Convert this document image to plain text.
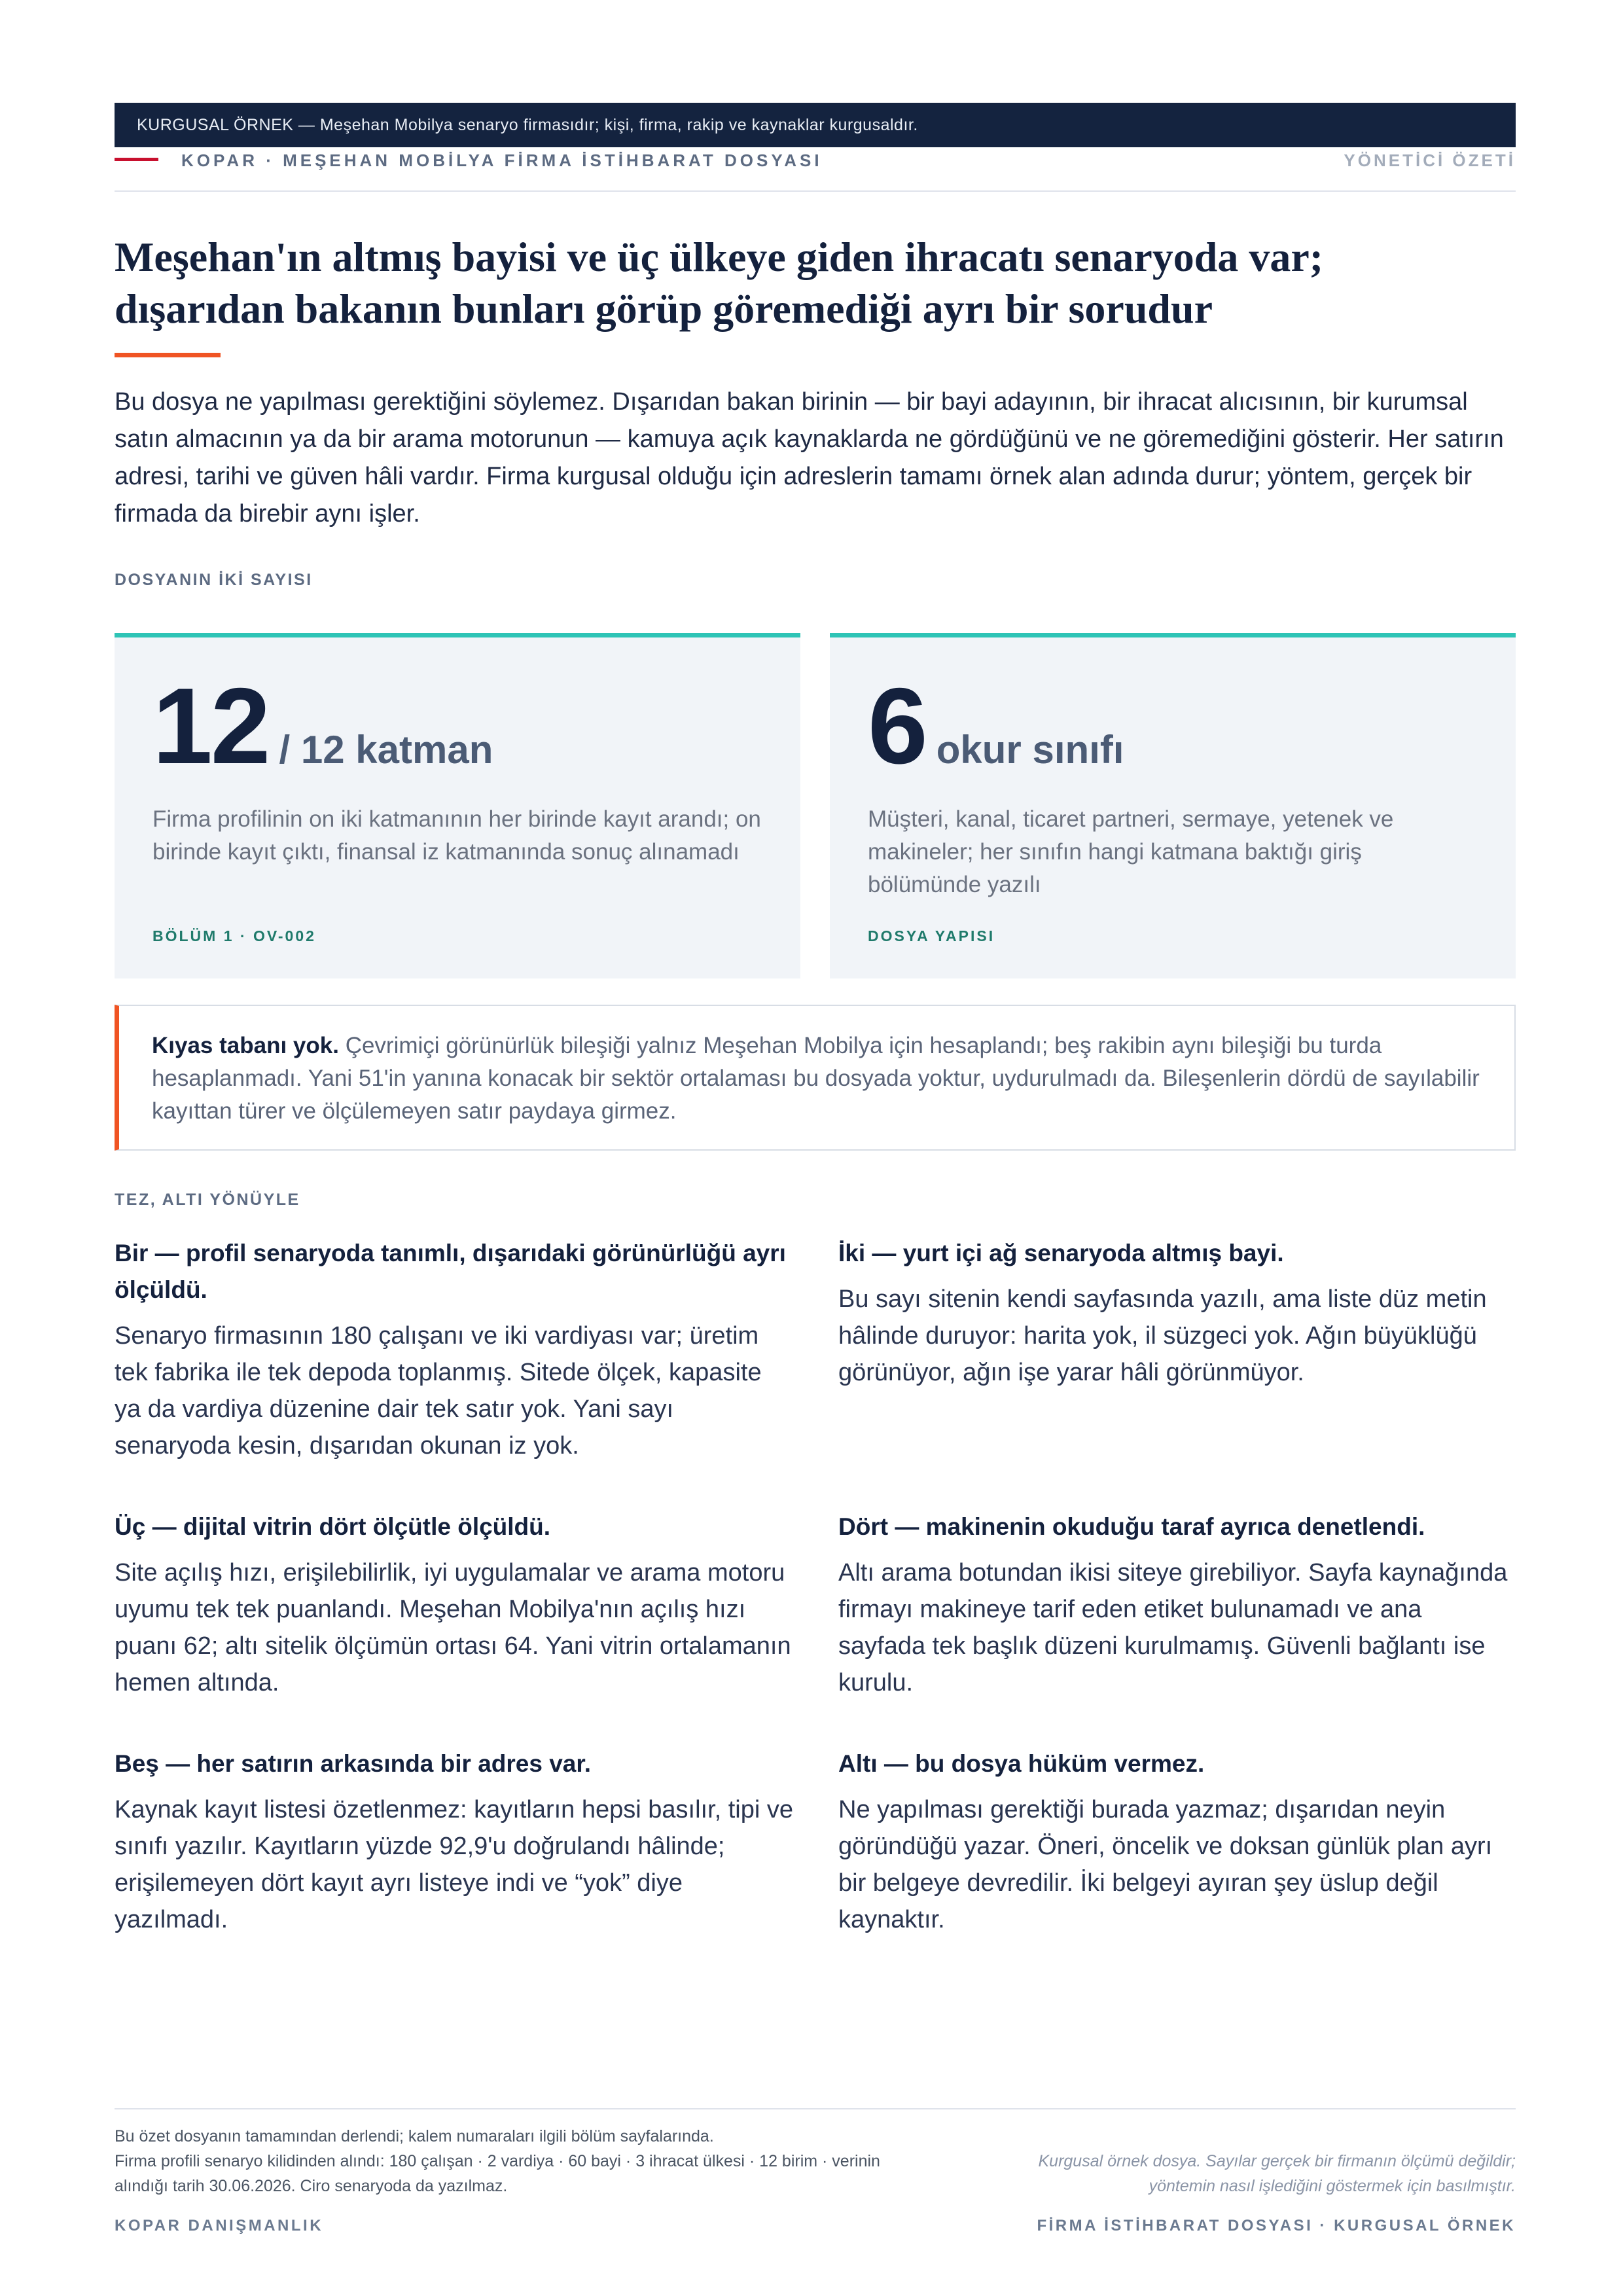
KURGUSAL ÖRNEK — Meşehan Mobilya senaryo firmasıdır; kişi, firma, rakip ve kaynaklar kurgusaldır.
KOPAR · MEŞEHAN MOBİLYA FİRMA İSTİHBARAT DOSYASI	YÖNETİCİ ÖZETİ
Meşehan'ın altmış bayisi ve üç ülkeye giden ihracatı senaryoda var;
dışarıdan bakanın bunları görüp göremediği ayrı bir sorudur

Bu dosya ne yapılması gerektiğini söylemez. Dışarıdan bakan birinin — bir bayi adayının, bir ihracat alıcısının, bir kurumsal satın almacının ya da bir arama motorunun — kamuya açık kaynaklarda ne gördüğünü ve ne göremediğini gösterir. Her satırın adresi, tarihi ve güven hâli vardır. Firma kurgusal olduğu için adreslerin tamamı örnek alan adında durur; yöntem, gerçek bir firmada da birebir aynı işler.

DOSYANIN İKİ SAYISI
12 / 12 katman
Firma profilinin on iki katmanının her birinde kayıt arandı; on birinde kayıt çıktı, finansal iz katmanında sonuç alınamadı
BÖLÜM 1 · OV-002
6 okur sınıfı
Müşteri, kanal, ticaret partneri, sermaye, yetenek ve makineler; her sınıfın hangi katmana baktığı giriş bölümünde yazılı
DOSYA YAPISI
Kıyas tabanı yok. Çevrimiçi görünürlük bileşiği yalnız Meşehan Mobilya için hesaplandı; beş rakibin aynı bileşiği bu turda hesaplanmadı. Yani 51'in yanına konacak bir sektör ortalaması bu dosyada yoktur, uydurulmadı da. Bileşenlerin dördü de sayılabilir kayıttan türer ve ölçülemeyen satır paydaya girmez.
TEZ, ALTI YÖNÜYLE
Bir — profil senaryoda tanımlı, dışarıdaki görünürlüğü ayrı ölçüldü.
Senaryo firmasının 180 çalışanı ve iki vardiyası var; üretim tek fabrika ile tek depoda toplanmış. Sitede ölçek, kapasite ya da vardiya düzenine dair tek satır yok. Yani sayı senaryoda kesin, dışarıdan okunan iz yok.
İki — yurt içi ağ senaryoda altmış bayi.
Bu sayı sitenin kendi sayfasında yazılı, ama liste düz metin hâlinde duruyor: harita yok, il süzgeci yok. Ağın büyüklüğü görünüyor, ağın işe yarar hâli görünmüyor.
Üç — dijital vitrin dört ölçütle ölçüldü.
Site açılış hızı, erişilebilirlik, iyi uygulamalar ve arama motoru uyumu tek tek puanlandı. Meşehan Mobilya'nın açılış hızı puanı 62; altı sitelik ölçümün ortası 64. Yani vitrin ortalamanın hemen altında.
Dört — makinenin okuduğu taraf ayrıca denetlendi.
Altı arama botundan ikisi siteye girebiliyor. Sayfa kaynağında firmayı makineye tarif eden etiket bulunamadı ve ana sayfada tek başlık düzeni kurulmamış. Güvenli bağlantı ise kurulu.
Beş — her satırın arkasında bir adres var.
Kaynak kayıt listesi özetlenmez: kayıtların hepsi basılır, tipi ve sınıfı yazılır. Kayıtların yüzde 92,9'u doğrulandı hâlinde; erişilemeyen dört kayıt ayrı listeye indi ve “yok” diye yazılmadı.
Altı — bu dosya hüküm vermez.
Ne yapılması gerektiği burada yazmaz; dışarıdan neyin göründüğü yazar. Öneri, öncelik ve doksan günlük plan ayrı bir belgeye devredilir. İki belgeyi ayıran şey üslup değil kaynaktır.
Bu özet dosyanın tamamından derlendi; kalem numaraları ilgili bölüm sayfalarında.
Firma profili senaryo kilidinden alındı: 180 çalışan · 2 vardiya · 60 bayi · 3 ihracat ülkesi · 12 birim · verinin alındığı tarih 30.06.2026. Ciro senaryoda da yazılmaz.
Kurgusal örnek dosya. Sayılar gerçek bir firmanın ölçümü değildir; yöntemin nasıl işlediğini göstermek için basılmıştır.
KOPAR DANIŞMANLIK	FİRMA İSTİHBARAT DOSYASI · KURGUSAL ÖRNEK
